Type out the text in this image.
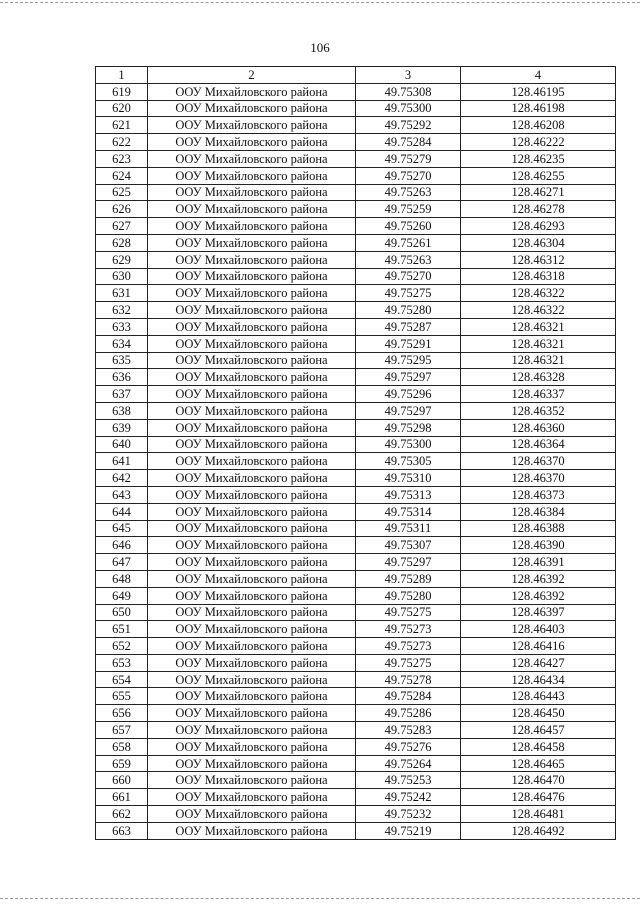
106
1	2	3	4
619	ООУ Михайловского района	49.75308	128.46195
620	ООУ Михайловского района	49.75300	128.46198
621	ООУ Михайловского района	49.75292	128.46208
622	ООУ Михайловского района	49.75284	128.46222
623	ООУ Михайловского района	49.75279	128.46235
624	ООУ Михайловского района	49.75270	128.46255
625	ООУ Михайловского района	49.75263	128.46271
626	ООУ Михайловского района	49.75259	128.46278
627	ООУ Михайловского района	49.75260	128.46293
628	ООУ Михайловского района	49.75261	128.46304
629	ООУ Михайловского района	49.75263	128.46312
630	ООУ Михайловского района	49.75270	128.46318
631	ООУ Михайловского района	49.75275	128.46322
632	ООУ Михайловского района	49.75280	128.46322
633	ООУ Михайловского района	49.75287	128.46321
634	ООУ Михайловского района	49.75291	128.46321
635	ООУ Михайловского района	49.75295	128.46321
636	ООУ Михайловского района	49.75297	128.46328
637	ООУ Михайловского района	49.75296	128.46337
638	ООУ Михайловского района	49.75297	128.46352
639	ООУ Михайловского района	49.75298	128.46360
640	ООУ Михайловского района	49.75300	128.46364
641	ООУ Михайловского района	49.75305	128.46370
642	ООУ Михайловского района	49.75310	128.46370
643	ООУ Михайловского района	49.75313	128.46373
644	ООУ Михайловского района	49.75314	128.46384
645	ООУ Михайловского района	49.75311	128.46388
646	ООУ Михайловского района	49.75307	128.46390
647	ООУ Михайловского района	49.75297	128.46391
648	ООУ Михайловского района	49.75289	128.46392
649	ООУ Михайловского района	49.75280	128.46392
650	ООУ Михайловского района	49.75275	128.46397
651	ООУ Михайловского района	49.75273	128.46403
652	ООУ Михайловского района	49.75273	128.46416
653	ООУ Михайловского района	49.75275	128.46427
654	ООУ Михайловского района	49.75278	128.46434
655	ООУ Михайловского района	49.75284	128.46443
656	ООУ Михайловского района	49.75286	128.46450
657	ООУ Михайловского района	49.75283	128.46457
658	ООУ Михайловского района	49.75276	128.46458
659	ООУ Михайловского района	49.75264	128.46465
660	ООУ Михайловского района	49.75253	128.46470
661	ООУ Михайловского района	49.75242	128.46476
662	ООУ Михайловского района	49.75232	128.46481
663	ООУ Михайловского района	49.75219	128.46492
